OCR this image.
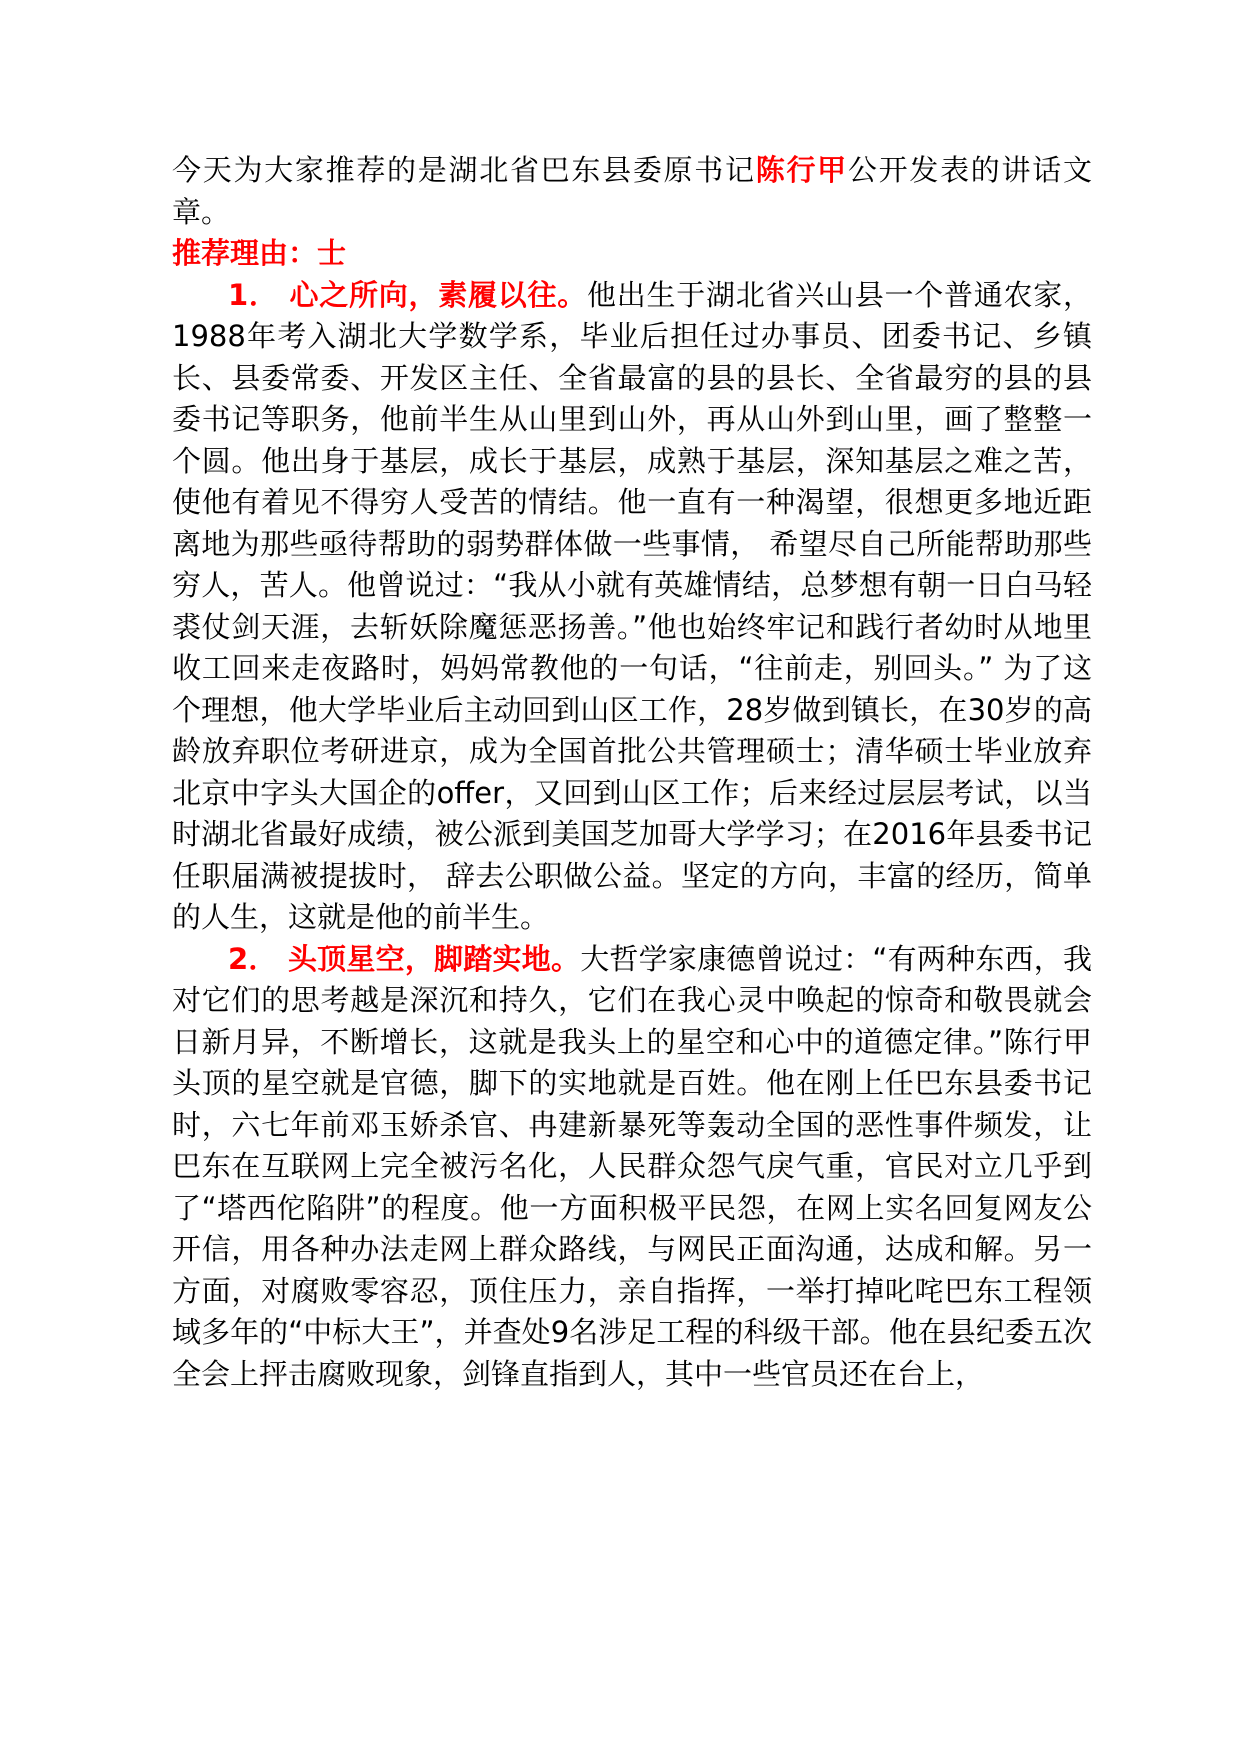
今天为大家推荐的是湖北省巴东县委原书记陈行甲公开发表的讲话文章。

推荐理由：士

1． 心之所向，素履以往。他出生于湖北省兴山县一个普通农家，1988年考入湖北大学数学系，毕业后担任过办事员、团委书记、乡镇长、县委常委、开发区主任、全省最富的县的县长、全省最穷的县的县委书记等职务，他前半生从山里到山外，再从山外到山里，画了整整一个圆。他出身于基层，成长于基层，成熟于基层，深知基层之难之苦，使他有着见不得穷人受苦的情结。他一直有一种渴望，很想更多地近距离地为那些亟待帮助的弱势群体做一些事情， 希望尽自己所能帮助那些穷人，苦人。他曾说过：“我从小就有英雄情结，总梦想有朝一日白马轻裘仗剑天涯，去斩妖除魔惩恶扬善。”他也始终牢记和践行者幼时从地里收工回来走夜路时，妈妈常教他的一句话，“往前走，别回头。” 为了这个理想，他大学毕业后主动回到山区工作，28岁做到镇长，在30岁的高龄放弃职位考研进京，成为全国首批公共管理硕士；清华硕士毕业放弃北京中字头大国企的offer，又回到山区工作；后来经过层层考试，以当时湖北省最好成绩，被公派到美国芝加哥大学学习；在2016年县委书记任职届满被提拔时， 辞去公职做公益。坚定的方向，丰富的经历，简单的人生，这就是他的前半生。

2． 头顶星空，脚踏实地。大哲学家康德曾说过：“有两种东西，我对它们的思考越是深沉和持久，它们在我心灵中唤起的惊奇和敬畏就会日新月异，不断增长，这就是我头上的星空和心中的道德定律。”陈行甲头顶的星空就是官德，脚下的实地就是百姓。他在刚上任巴东县委书记时，六七年前邓玉娇杀官、冉建新暴死等轰动全国的恶性事件频发，让巴东在互联网上完全被污名化，人民群众怨气戾气重，官民对立几乎到了“塔西佗陷阱”的程度。他一方面积极平民怨，在网上实名回复网友公开信，用各种办法走网上群众路线，与网民正面沟通，达成和解。另一方面，对腐败零容忍，顶住压力，亲自指挥，一举打掉叱咤巴东工程领域多年的“中标大王”，并查处9名涉足工程的科级干部。他在县纪委五次全会上抨击腐败现象，剑锋直指到人，其中一些官员还在台上，
